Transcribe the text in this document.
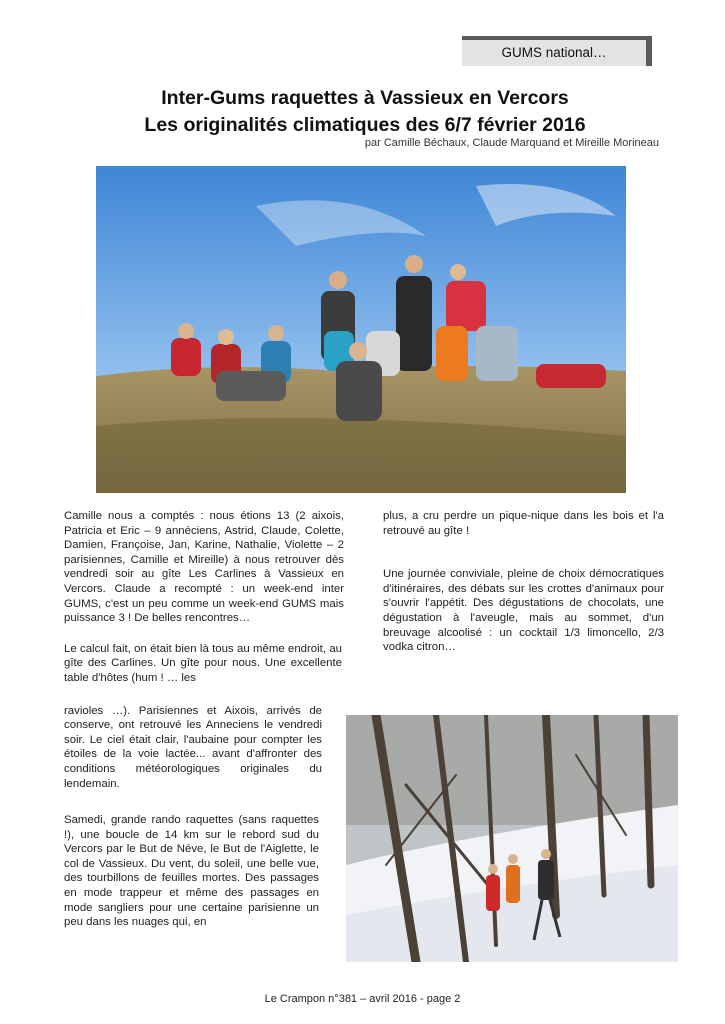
GUMS national…
Inter-Gums raquettes à Vassieux en Vercors
Les originalités climatiques des 6/7 février 2016
par Camille Béchaux, Claude Marquand et Mireille Morineau

Camille nous a comptés : nous étions 13 (2 aixois, Patricia et Eric – 9 annéciens, Astrid, Claude, Colette, Damien, Françoise, Jan, Karine, Nathalie, Violette – 2 parisiennes, Camille et Mireille) à nous retrouver dès vendredi soir au gîte Les Carlines à Vassieux en Vercors. Claude a recompté : un week-end inter GUMS, c'est un peu comme un week-end GUMS mais puissance 3 ! De belles rencontres…

Le calcul fait, on était bien là tous au même endroit, au gîte des Carlines. Un gîte pour nous. Une excellente table d'hôtes (hum ! … les

ravioles …). Parisiennes et Aixois, arrivés de conserve, ont retrouvé les Anneciens le vendredi soir. Le ciel était clair, l'aubaine pour compter les étoiles de la voie lactée... avant d'affronter des conditions météorologiques originales du lendemain.

Samedi, grande rando raquettes (sans raquettes !), une boucle de 14 km sur le rebord sud du Vercors par le But de Néve, le But de l'Aiglette, le col de Vassieux. Du vent, du soleil, une belle vue, des tourbillons de feuilles mortes. Des passages en mode trappeur et même des passages en mode sangliers pour une certaine parisienne un peu dans les nuages qui, en

plus, a cru perdre un pique-nique dans les bois et l'a retrouvé au gîte !

Une journée conviviale, pleine de choix démocratiques d'itinéraires, des débats sur les crottes d'animaux pour s'ouvrir l'appétit. Des dégustations de chocolats, une dégustation à l'aveugle, mais au sommet, d'un breuvage alcoolisé : un cocktail 1/3 limoncello, 2/3 vodka citron…

Le Crampon n°381 – avril 2016 - page 2
